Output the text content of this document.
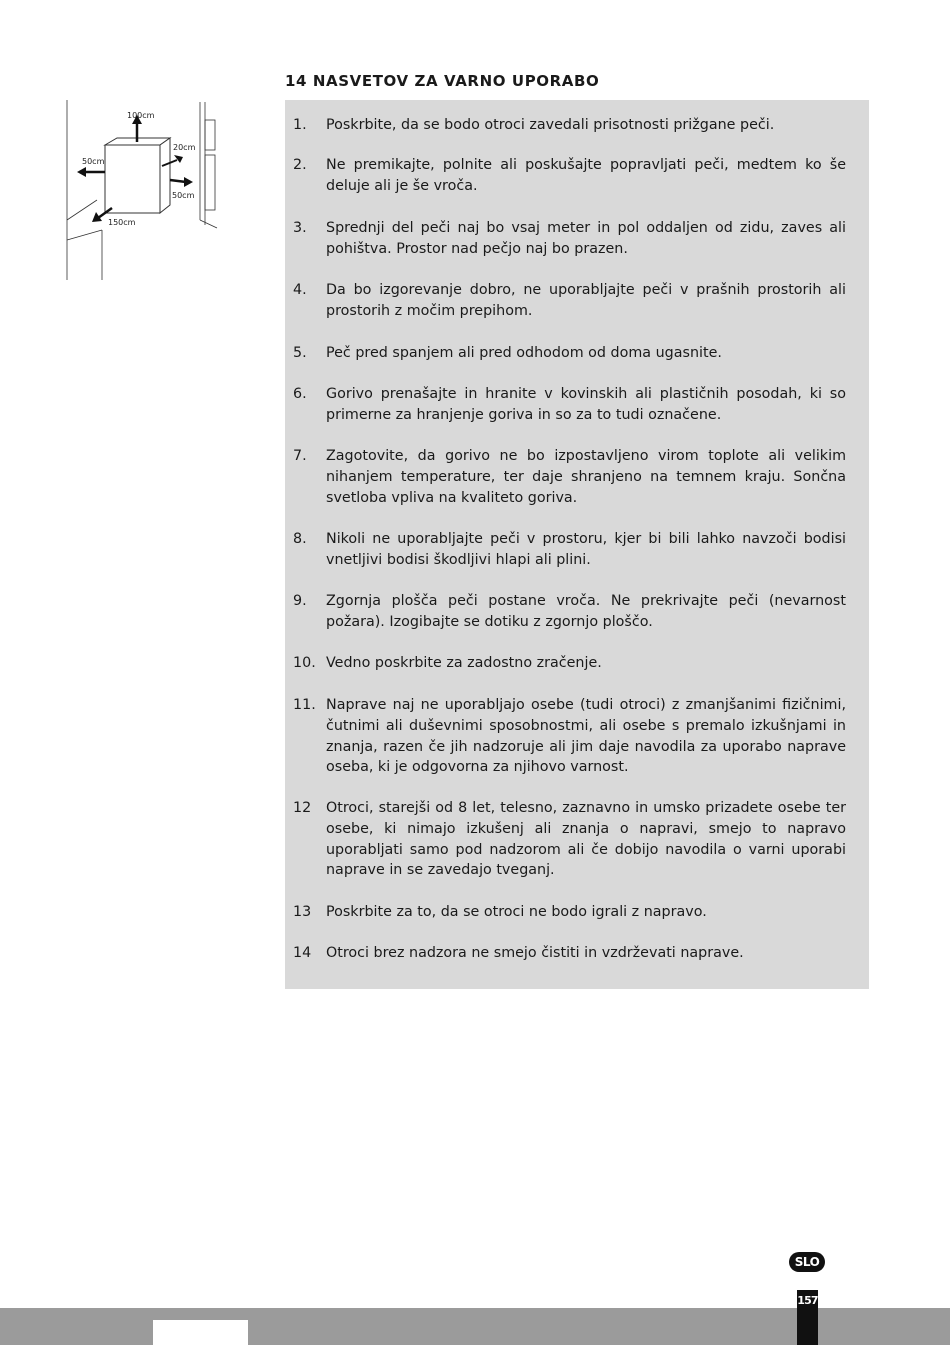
14 NASVETOV ZA VARNO UPORABO
100cm
50cm
20cm
50cm
150cm
1. Poskrbite, da se bodo otroci zavedali prisotnosti prižgane peči.
2. Ne premikajte, polnite ali poskušajte popravljati peči, medtem ko še deluje ali je še vroča.
3. Sprednji del peči naj bo vsaj meter in pol oddaljen od zidu, zaves ali pohištva. Prostor nad pečjo naj bo prazen.
4. Da bo izgorevanje dobro, ne uporabljajte peči v prašnih prostorih ali prostorih z močim prepihom.
5. Peč pred spanjem ali pred odhodom od doma ugasnite.
6. Gorivo prenašajte in hranite v kovinskih ali plastičnih posodah, ki so primerne za hranjenje goriva in so za to tudi označene.
7. Zagotovite, da gorivo ne bo izpostavljeno virom toplote ali velikim nihanjem temperature, ter daje shranjeno na temnem kraju. Sončna svetloba vpliva na kvaliteto goriva.
8. Nikoli ne uporabljajte peči v prostoru, kjer bi bili lahko navzoči bodisi vnetljivi bodisi škodljivi hlapi ali plini.
9. Zgornja plošča peči postane vroča. Ne prekrivajte peči (nevarnost požara). Izogibajte se dotiku z zgornjo ploščo.
10. Vedno poskrbite za zadostno zračenje.
11. Naprave naj ne uporabljajo osebe (tudi otroci) z zmanjšanimi fizičnimi, čutnimi ali duševnimi sposobnostmi, ali osebe s premalo izkušnjami in znanja, razen če jih nadzoruje ali jim daje navodila za uporabo naprave oseba, ki je odgovorna za njihovo varnost.
12 Otroci, starejši od 8 let, telesno, zaznavno in umsko prizadete osebe ter osebe, ki nimajo izkušenj ali znanja o napravi, smejo to napravo uporabljati samo pod nadzorom ali če dobijo navodila o varni uporabi naprave in se zavedajo tveganj.
13 Poskrbite za to, da se otroci ne bodo igrali z napravo.
14 Otroci brez nadzora ne smejo čistiti in vzdrževati naprave.
SLO
157
